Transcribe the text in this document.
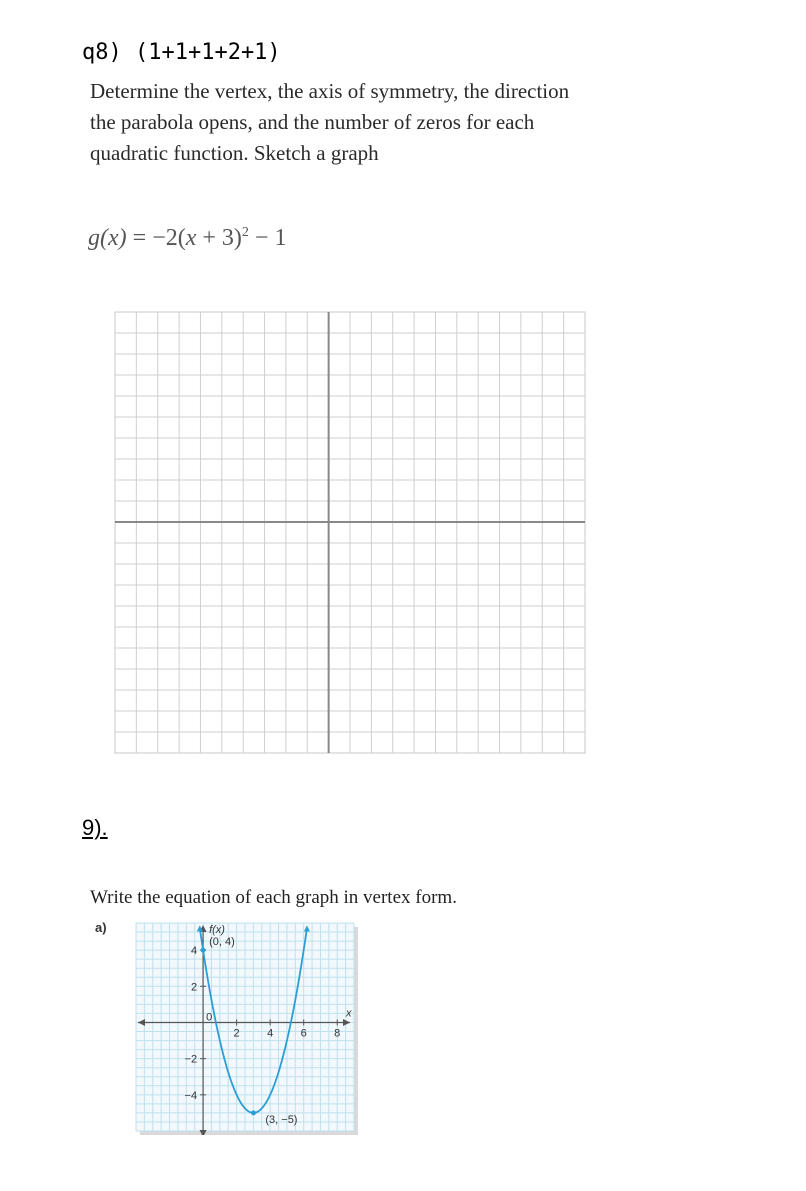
q8) (1+1+1+2+1)
Determine the vertex, the axis of symmetry, the direction the parabola opens, and the number of zeros for each quadratic function. Sketch a graph
$g(x) = -2(x + 3)^2 - 1$
9).
Write the equation of each graph in vertex form.
a)
2 4 6 8
4
2
−2
−4
0	x
f(x)
(0, 4)
(3, −5)
